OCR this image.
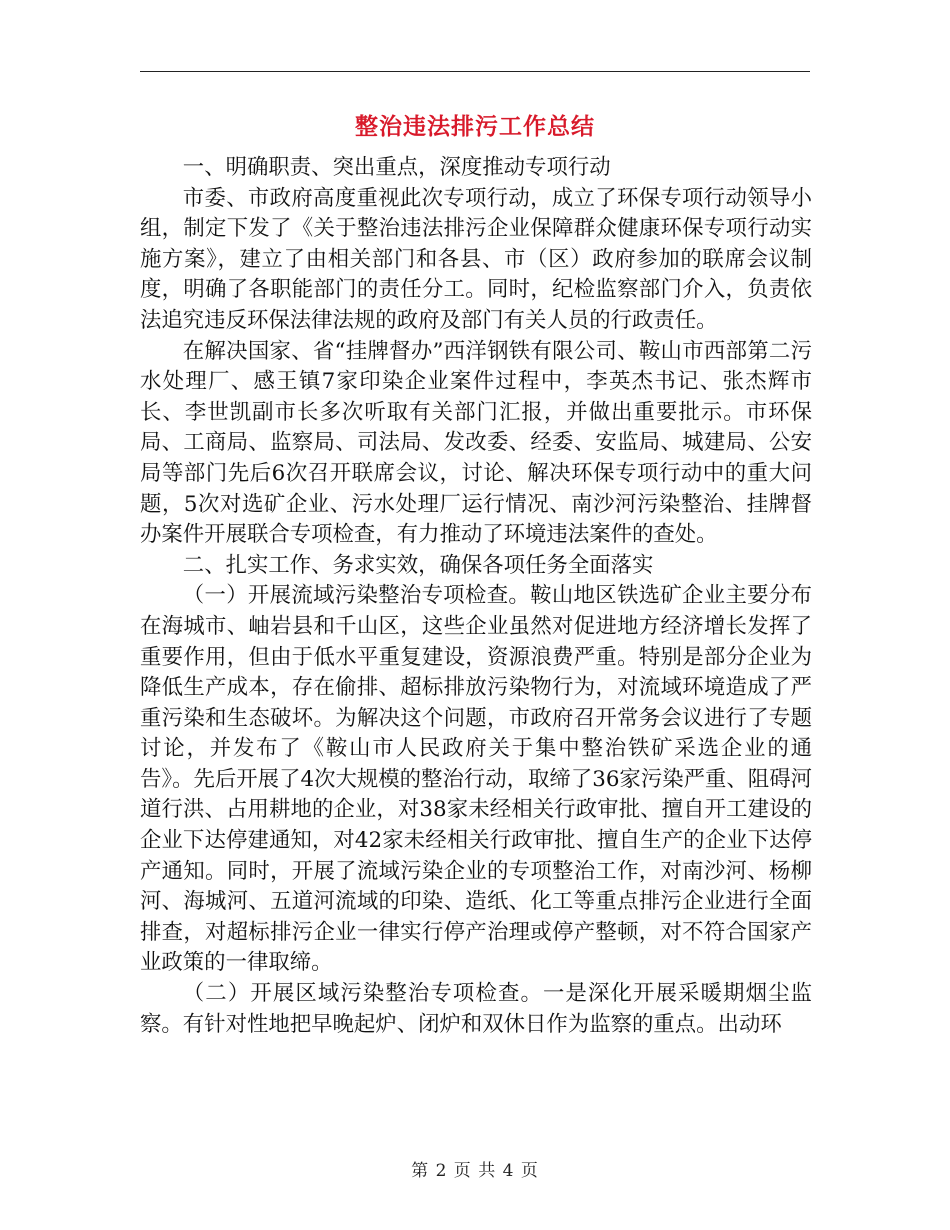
整治违法排污工作总结

一、明确职责、突出重点，深度推动专项行动

市委、市政府高度重视此次专项行动，成立了环保专项行动领导小组，制定下发了《关于整治违法排污企业保障群众健康环保专项行动实施方案》，建立了由相关部门和各县、市（区）政府参加的联席会议制度，明确了各职能部门的责任分工。同时，纪检监察部门介入，负责依法追究违反环保法律法规的政府及部门有关人员的行政责任。

在解决国家、省“挂牌督办”西洋钢铁有限公司、鞍山市西部第二污水处理厂、感王镇7家印染企业案件过程中，李英杰书记、张杰辉市长、李世凯副市长多次听取有关部门汇报，并做出重要批示。市环保局、工商局、监察局、司法局、发改委、经委、安监局、城建局、公安局等部门先后6次召开联席会议，讨论、解决环保专项行动中的重大问题，5次对选矿企业、污水处理厂运行情况、南沙河污染整治、挂牌督办案件开展联合专项检查，有力推动了环境违法案件的查处。

二、扎实工作、务求实效，确保各项任务全面落实

（一）开展流域污染整治专项检查。鞍山地区铁选矿企业主要分布在海城市、岫岩县和千山区，这些企业虽然对促进地方经济增长发挥了重要作用，但由于低水平重复建设，资源浪费严重。特别是部分企业为降低生产成本，存在偷排、超标排放污染物行为，对流域环境造成了严重污染和生态破坏。为解决这个问题，市政府召开常务会议进行了专题讨论，并发布了《鞍山市人民政府关于集中整治铁矿采选企业的通告》。先后开展了4次大规模的整治行动，取缔了36家污染严重、阻碍河道行洪、占用耕地的企业，对38家未经相关行政审批、擅自开工建设的企业下达停建通知，对42家未经相关行政审批、擅自生产的企业下达停产通知。同时，开展了流域污染企业的专项整治工作，对南沙河、杨柳河、海城河、五道河流域的印染、造纸、化工等重点排污企业进行全面排查，对超标排污企业一律实行停产治理或停产整顿，对不符合国家产业政策的一律取缔。

（二）开展区域污染整治专项检查。一是深化开展采暖期烟尘监察。有针对性地把早晚起炉、闭炉和双休日作为监察的重点。出动环

第 2 页 共 4 页
